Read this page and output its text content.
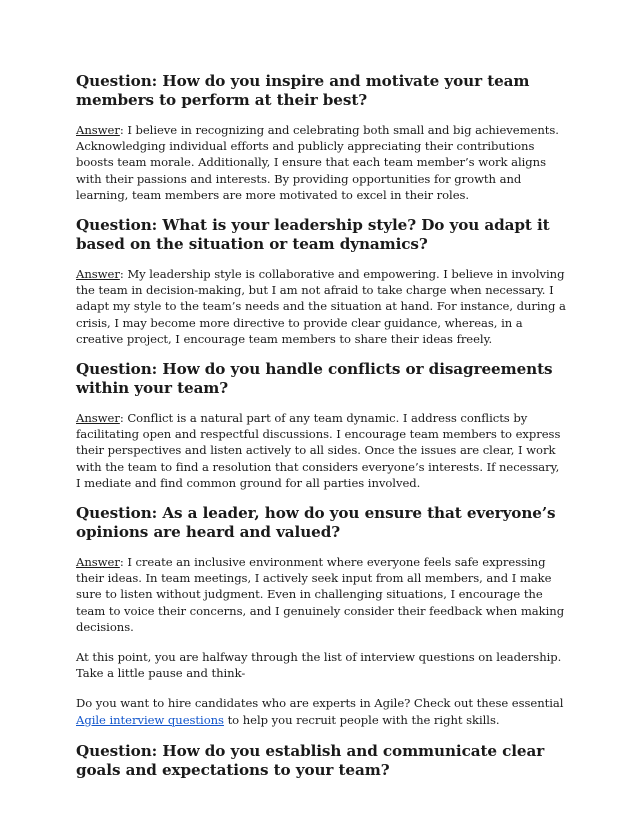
Question: How do you inspire and motivate your team members to perform at their best?

Answer: I believe in recognizing and celebrating both small and big achievements. Acknowledging individual efforts and publicly appreciating their contributions boosts team morale. Additionally, I ensure that each team member’s work aligns with their passions and interests. By providing opportunities for growth and learning, team members are more motivated to excel in their roles.

Question: What is your leadership style? Do you adapt it based on the situation or team dynamics?

Answer: My leadership style is collaborative and empowering. I believe in involving the team in decision-making, but I am not afraid to take charge when necessary. I adapt my style to the team’s needs and the situation at hand. For instance, during a crisis, I may become more directive to provide clear guidance, whereas, in a creative project, I encourage team members to share their ideas freely.

Question: How do you handle conflicts or disagreements within your team?

Answer: Conflict is a natural part of any team dynamic. I address conflicts by facilitating open and respectful discussions. I encourage team members to express their perspectives and listen actively to all sides. Once the issues are clear, I work with the team to find a resolution that considers everyone’s interests. If necessary, I mediate and find common ground for all parties involved.

Question: As a leader, how do you ensure that everyone’s opinions are heard and valued?

Answer: I create an inclusive environment where everyone feels safe expressing their ideas. In team meetings, I actively seek input from all members, and I make sure to listen without judgment. Even in challenging situations, I encourage the team to voice their concerns, and I genuinely consider their feedback when making decisions.

At this point, you are halfway through the list of interview questions on leadership. Take a little pause and think-

Do you want to hire candidates who are experts in Agile? Check out these essential Agile interview questions to help you recruit people with the right skills.

Question: How do you establish and communicate clear goals and expectations to your team?
